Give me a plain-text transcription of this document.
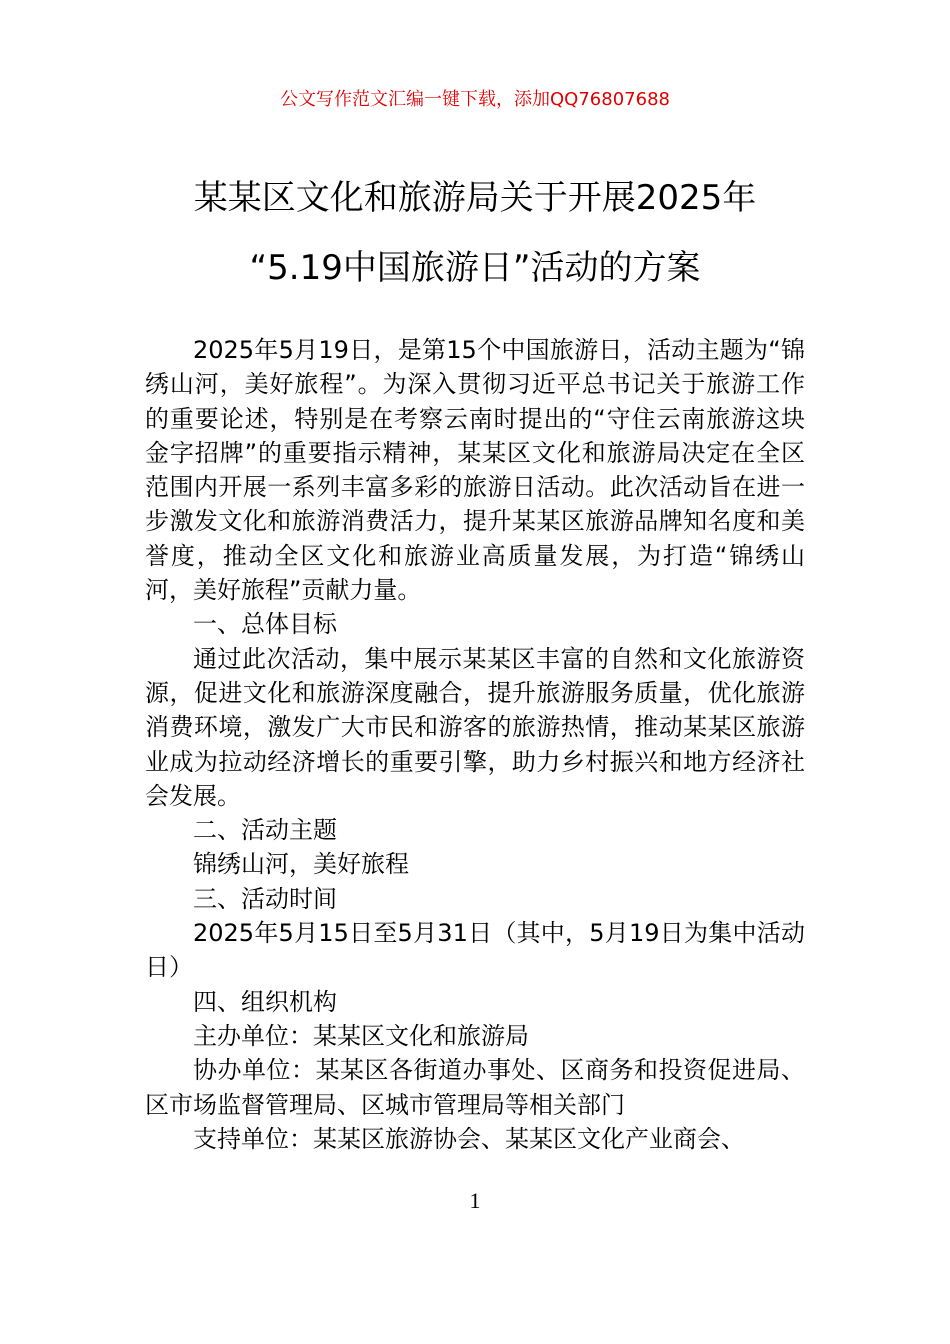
公文写作范文汇编一键下载，添加QQ76807688
某某区文化和旅游局关于开展2025年
“5.19中国旅游日”活动的方案

2025年5月19日，是第15个中国旅游日，活动主题为“锦绣山河，美好旅程”。为深入贯彻习近平总书记关于旅游工作的重要论述，特别是在考察云南时提出的“守住云南旅游这块金字招牌”的重要指示精神，某某区文化和旅游局决定在全区范围内开展一系列丰富多彩的旅游日活动。此次活动旨在进一步激发文化和旅游消费活力，提升某某区旅游品牌知名度和美誉度，推动全区文化和旅游业高质量发展，为打造“锦绣山河，美好旅程”贡献力量。

一、总体目标

通过此次活动，集中展示某某区丰富的自然和文化旅游资源，促进文化和旅游深度融合，提升旅游服务质量，优化旅游消费环境，激发广大市民和游客的旅游热情，推动某某区旅游业成为拉动经济增长的重要引擎，助力乡村振兴和地方经济社会发展。

二、活动主题

锦绣山河，美好旅程

三、活动时间

2025年5月15日至5月31日（其中，5月19日为集中活动日）

四、组织机构

主办单位：某某区文化和旅游局

协办单位：某某区各街道办事处、区商务和投资促进局、区市场监督管理局、区城市管理局等相关部门

支持单位：某某区旅游协会、某某区文化产业商会、

1
